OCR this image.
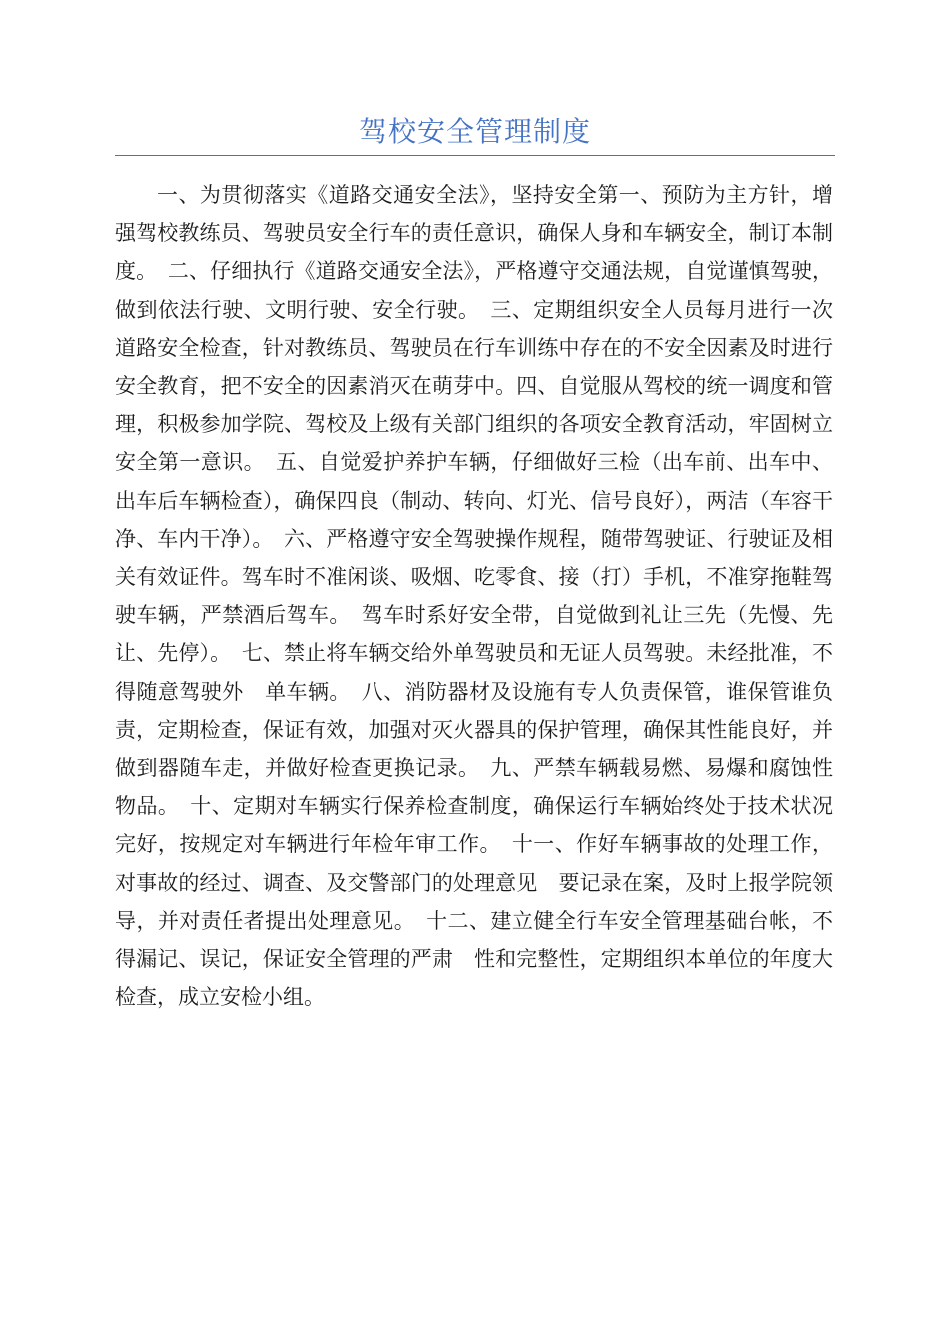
驾校安全管理制度

一、为贯彻落实《道路交通安全法》，坚持安全第一、预防为主方针，增强驾校教练员、驾驶员安全行车的责任意识，确保人身和车辆安全，制订本制度。　二、仔细执行《道路交通安全法》，严格遵守交通法规，自觉谨慎驾驶，做到依法行驶、文明行驶、安全行驶。　三、定期组织安全人员每月进行一次道路安全检查，针对教练员、驾驶员在行车训练中存在的不安全因素及时进行安全教育，把不安全的因素消灭在萌芽中。四、自觉服从驾校的统一调度和管理，积极参加学院、驾校及上级有关部门组织的各项安全教育活动，牢固树立安全第一意识。　五、自觉爱护养护车辆，仔细做好三检（出车前、出车中、出车后车辆检查），确保四良（制动、转向、灯光、信号良好），两洁（车容干净、车内干净）。　六、严格遵守安全驾驶操作规程，随带驾驶证、行驶证及相关有效证件。驾车时不准闲谈、吸烟、吃零食、接（打）手机，不准穿拖鞋驾驶车辆，严禁酒后驾车。　驾车时系好安全带，自觉做到礼让三先（先慢、先让、先停）。　七、禁止将车辆交给外单驾驶员和无证人员驾驶。未经批准，不得随意驾驶外　单车辆。　八、消防器材及设施有专人负责保管，谁保管谁负责，定期检查，保证有效，加强对灭火器具的保护管理，确保其性能良好，并做到器随车走，并做好检查更换记录。　九、严禁车辆载易燃、易爆和腐蚀性物品。　十、定期对车辆实行保养检查制度，确保运行车辆始终处于技术状况完好，按规定对车辆进行年检年审工作。　十一、作好车辆事故的处理工作，对事故的经过、调查、及交警部门的处理意见　要记录在案，及时上报学院领导，并对责任者提出处理意见。　十二、建立健全行车安全管理基础台帐，不得漏记、误记，保证安全管理的严肃　性和完整性，定期组织本单位的年度大检查，成立安检小组。
